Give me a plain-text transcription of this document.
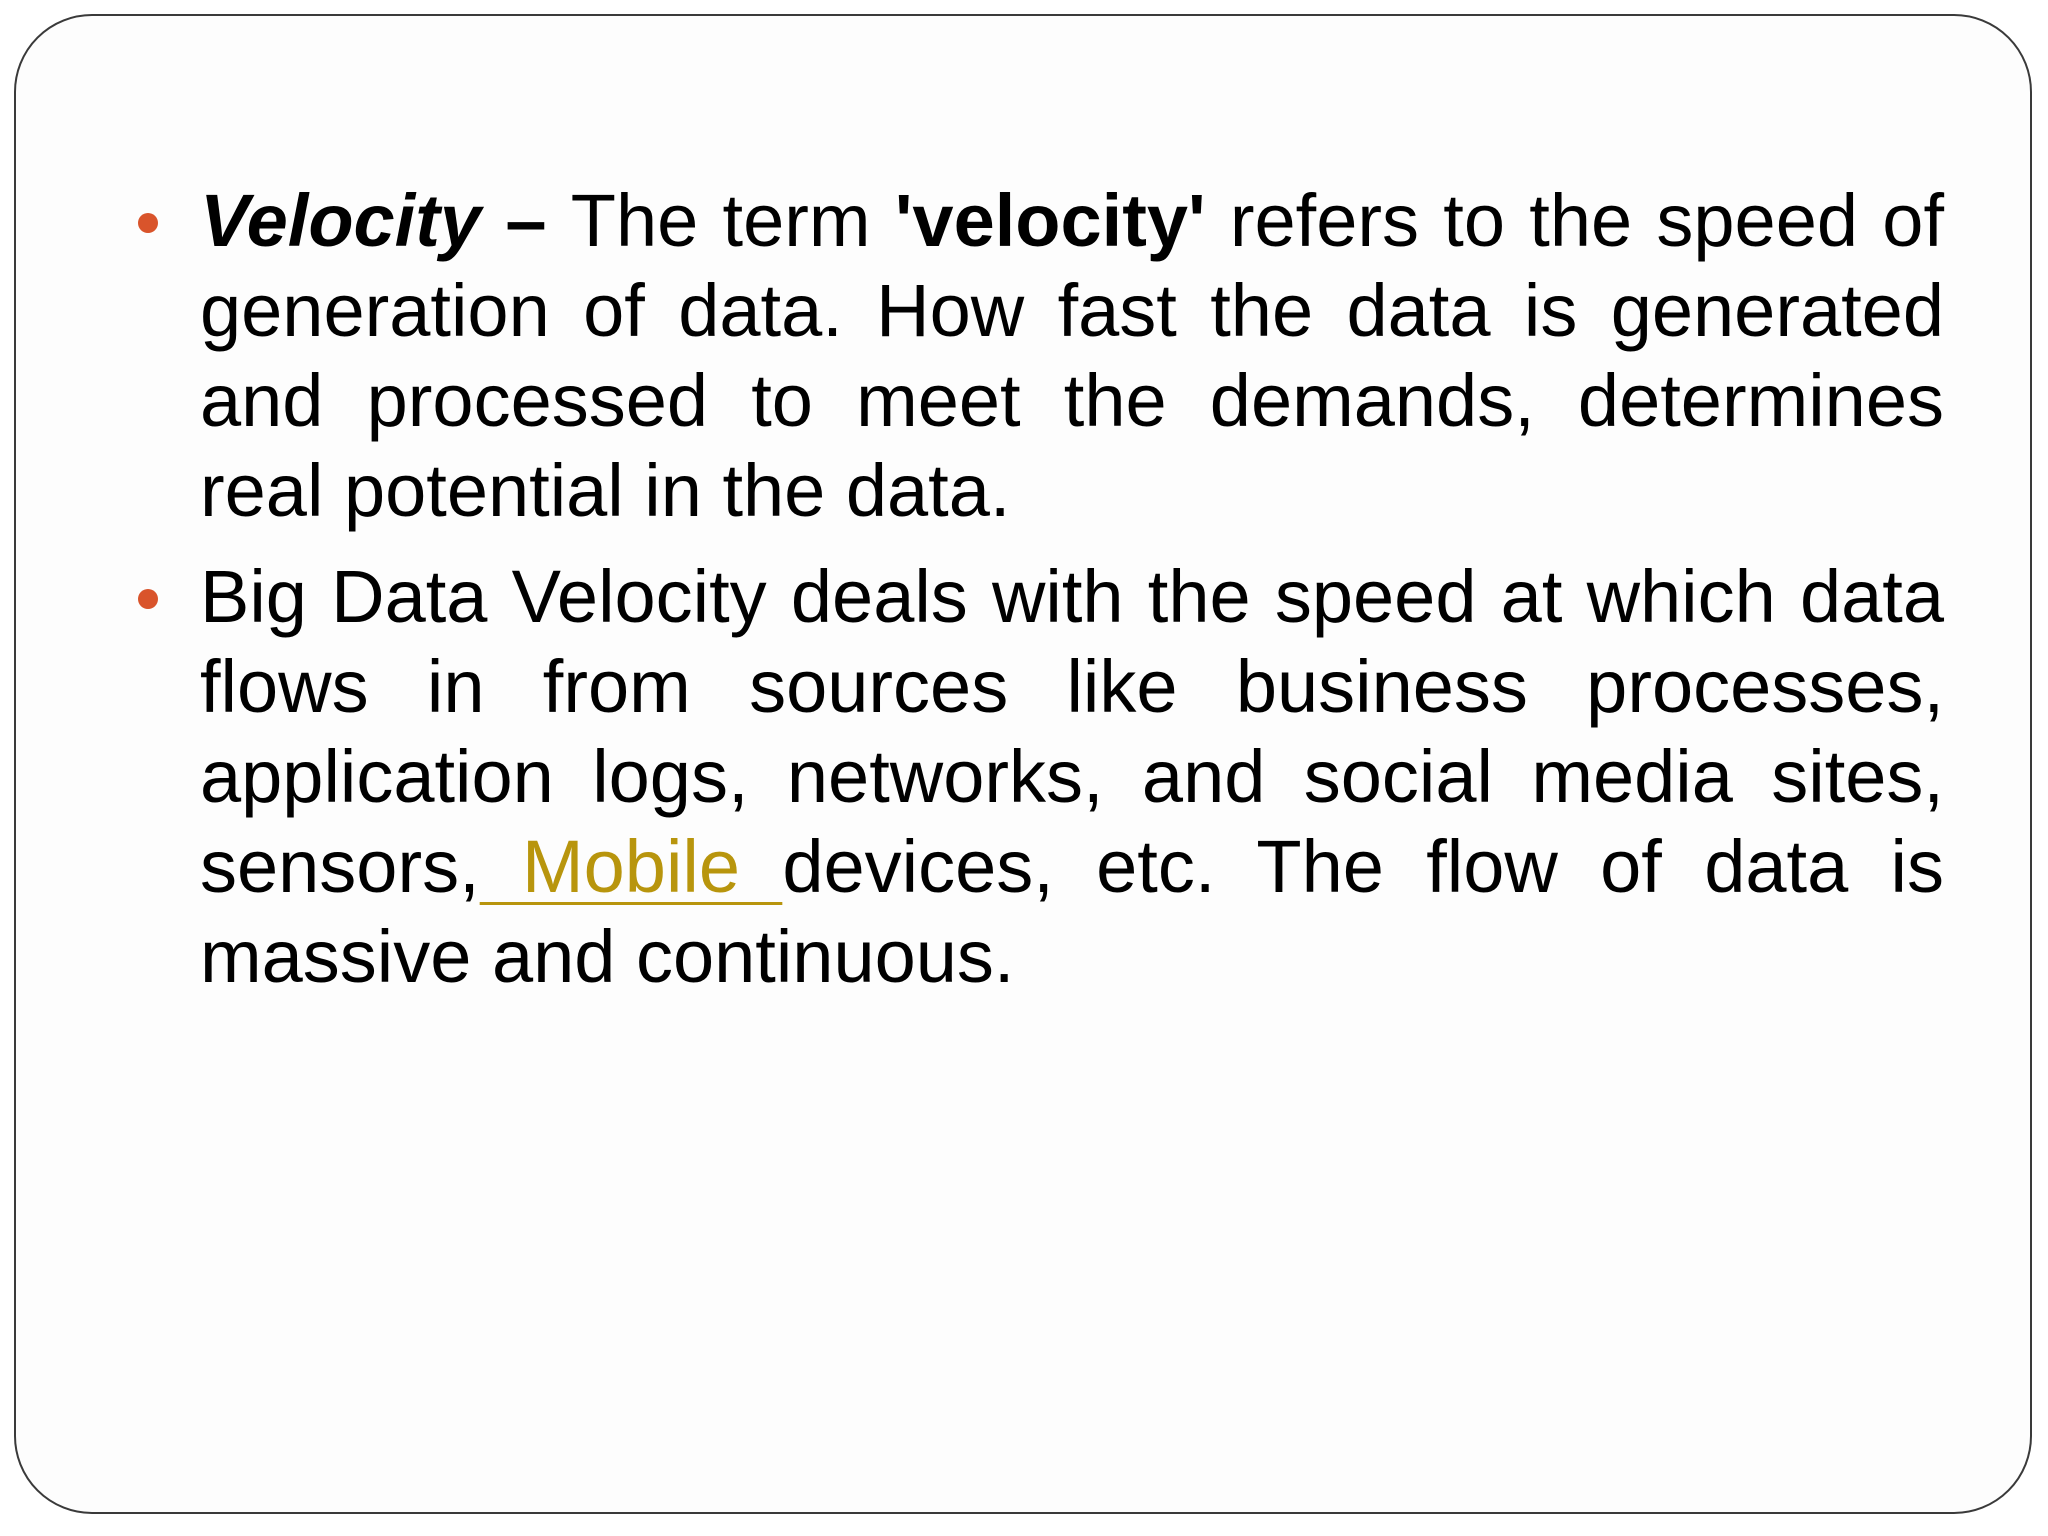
Velocity – The term 'velocity' refers to the speed of generation of data. How fast the data is generated and processed to meet the demands, determines real potential in the data.
Big Data Velocity deals with the speed at which data flows in from sources like business processes, application logs, networks, and social media sites, sensors, Mobile devices, etc. The flow of data is massive and continuous.
